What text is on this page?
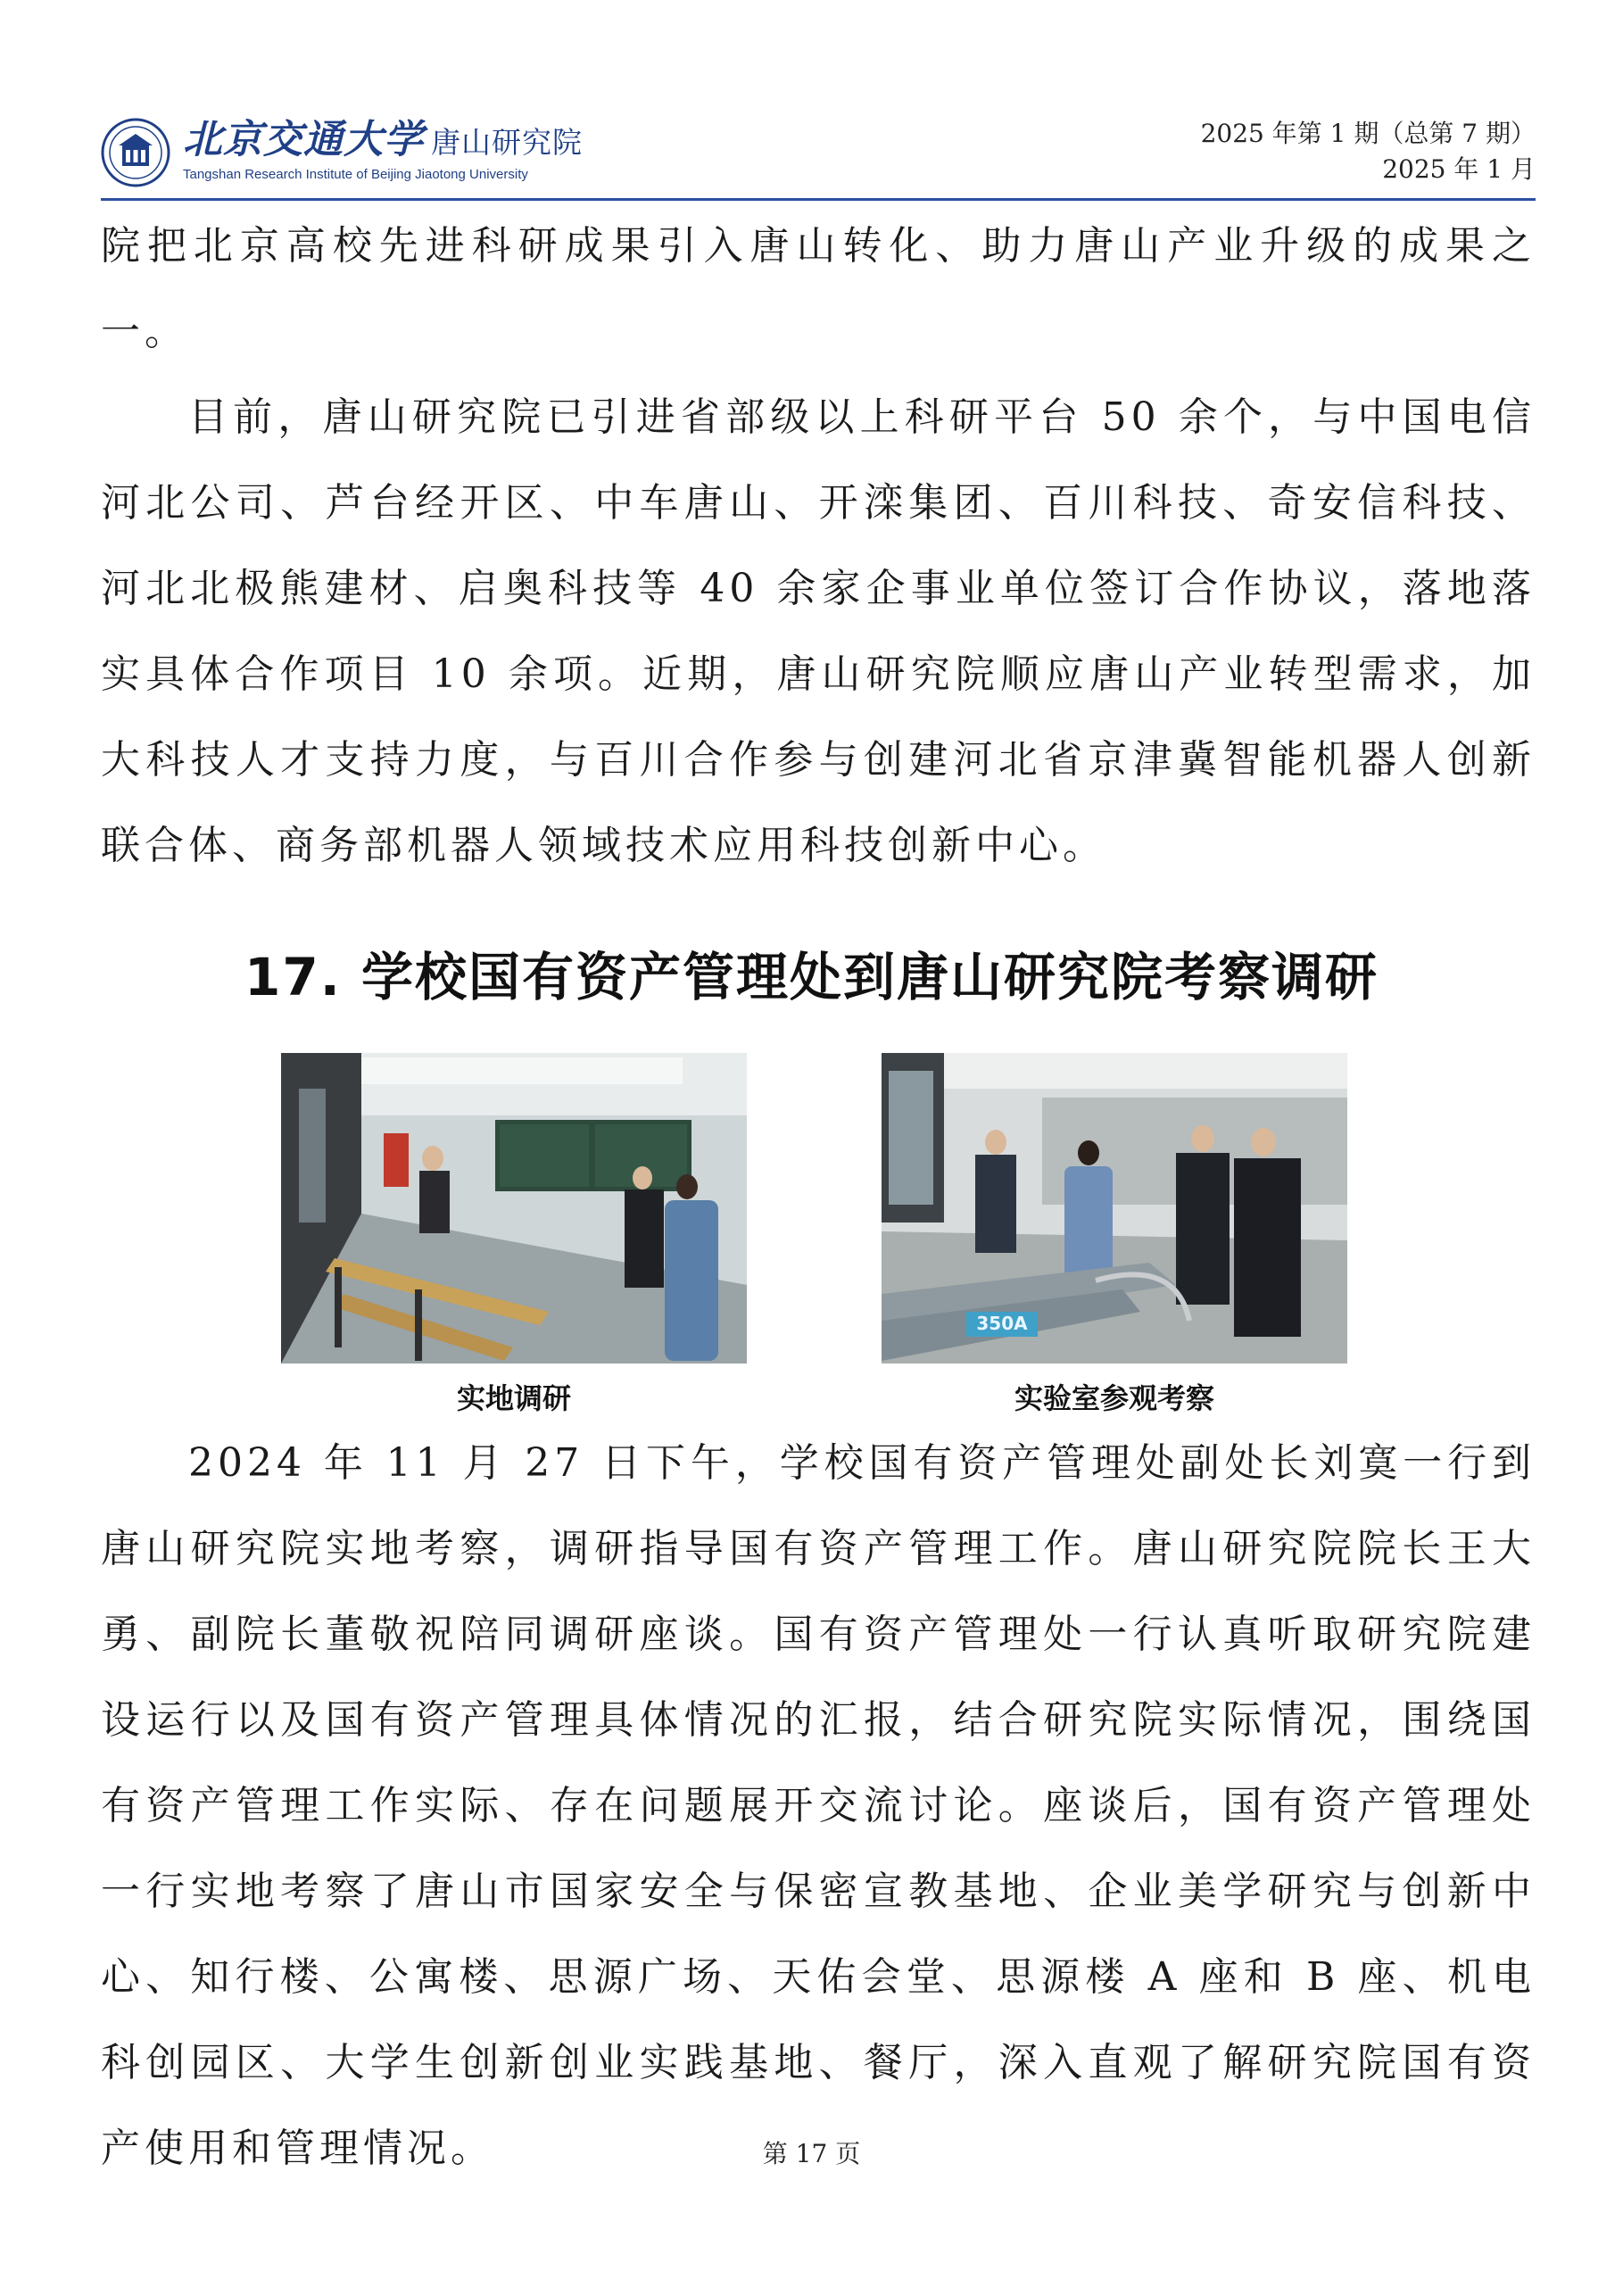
北京交通大学 唐山研究院
Tangshan Research Institute of Beijing Jiaotong University
2025 年第 1 期（总第 7 期）
2025 年 1 月

院把北京高校先进科研成果引入唐山转化、助力唐山产业升级的成果之一。

目前，唐山研究院已引进省部级以上科研平台 50 余个，与中国电信河北公司、芦台经开区、中车唐山、开滦集团、百川科技、奇安信科技、河北北极熊建材、启奥科技等 40 余家企事业单位签订合作协议，落地落实具体合作项目 10 余项。近期，唐山研究院顺应唐山产业转型需求，加大科技人才支持力度，与百川合作参与创建河北省京津冀智能机器人创新联合体、商务部机器人领域技术应用科技创新中心。

17. 学校国有资产管理处到唐山研究院考察调研
实地调研
350A
实验室参观考察

2024 年 11 月 27 日下午，学校国有资产管理处副处长刘寞一行到唐山研究院实地考察，调研指导国有资产管理工作。唐山研究院院长王大勇、副院长董敬祝陪同调研座谈。国有资产管理处一行认真听取研究院建设运行以及国有资产管理具体情况的汇报，结合研究院实际情况，围绕国有资产管理工作实际、存在问题展开交流讨论。座谈后，国有资产管理处一行实地考察了唐山市国家安全与保密宣教基地、企业美学研究与创新中心、知行楼、公寓楼、思源广场、天佑会堂、思源楼 A 座和 B 座、机电科创园区、大学生创新创业实践基地、餐厅，深入直观了解研究院国有资产使用和管理情况。	第 17 页
